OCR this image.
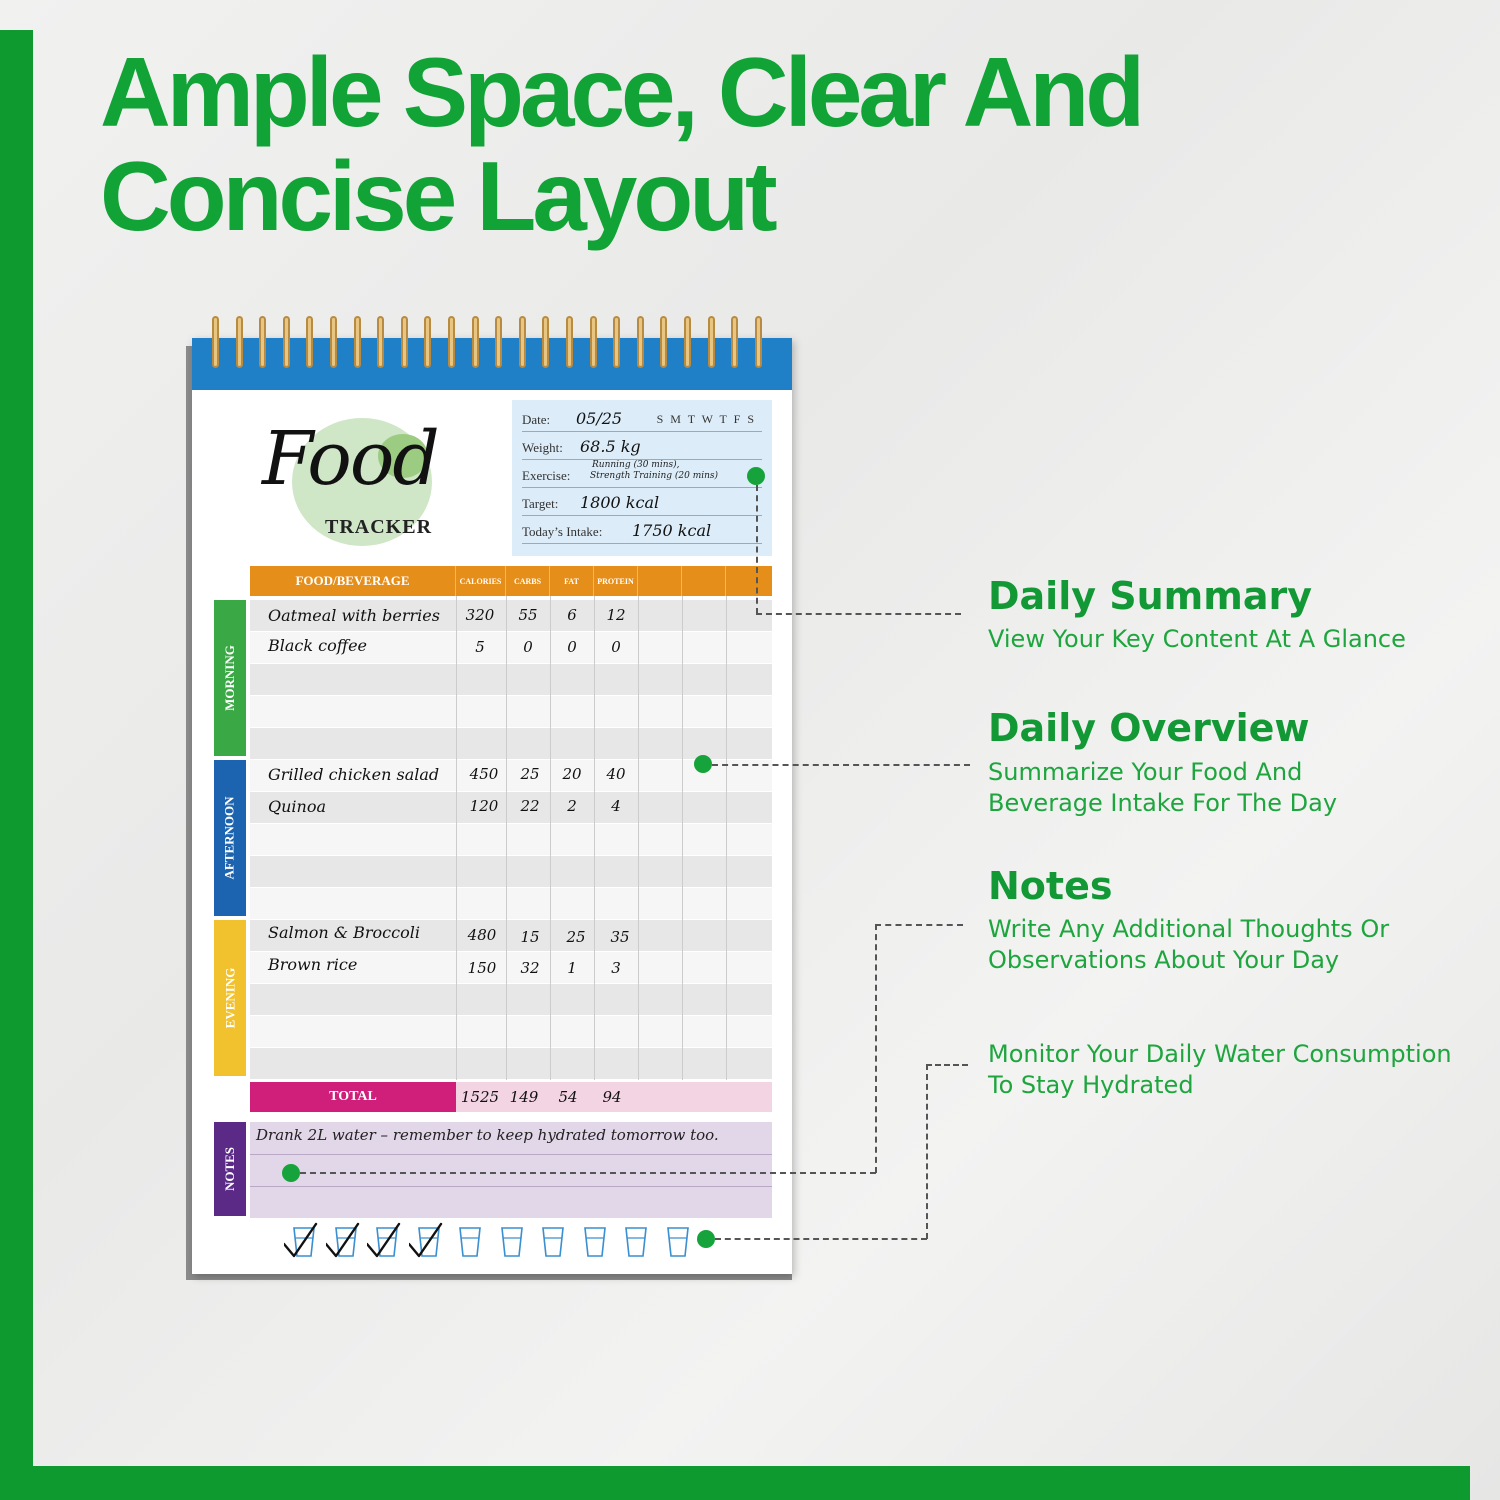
Ample Space, Clear And
Concise Layout
Food
TRACKER
Date: 05/25	S M T W T F S
Weight: 68.5 kg
Exercise:
Running (30 mins),
Strength Training (20 mins)
Target: 1800 kcal
Today’s Intake: 1750 kcal
FOOD/BEVERAGE	CALORIES	CARBS	FAT	PROTEIN
Oatmeal with berries	320	55	6	12
Black coffee	5	0	0	0
Grilled chicken salad	450	25	20	40
Quinoa	120	22	2	4
Salmon & Broccoli	480	15	25	35
Brown rice	150	32	1	3
MORNING
AFTERNOON
EVENING
TOTAL	1525 149	54	94
NOTES
Drank 2L water – remember to keep hydrated tomorrow too.
Daily Summary
View Your Key Content At A Glance
Daily Overview
Summarize Your Food And
Beverage Intake For The Day
Notes
Write Any Additional Thoughts Or
Observations About Your Day
Monitor Your Daily Water Consumption
To Stay Hydrated
